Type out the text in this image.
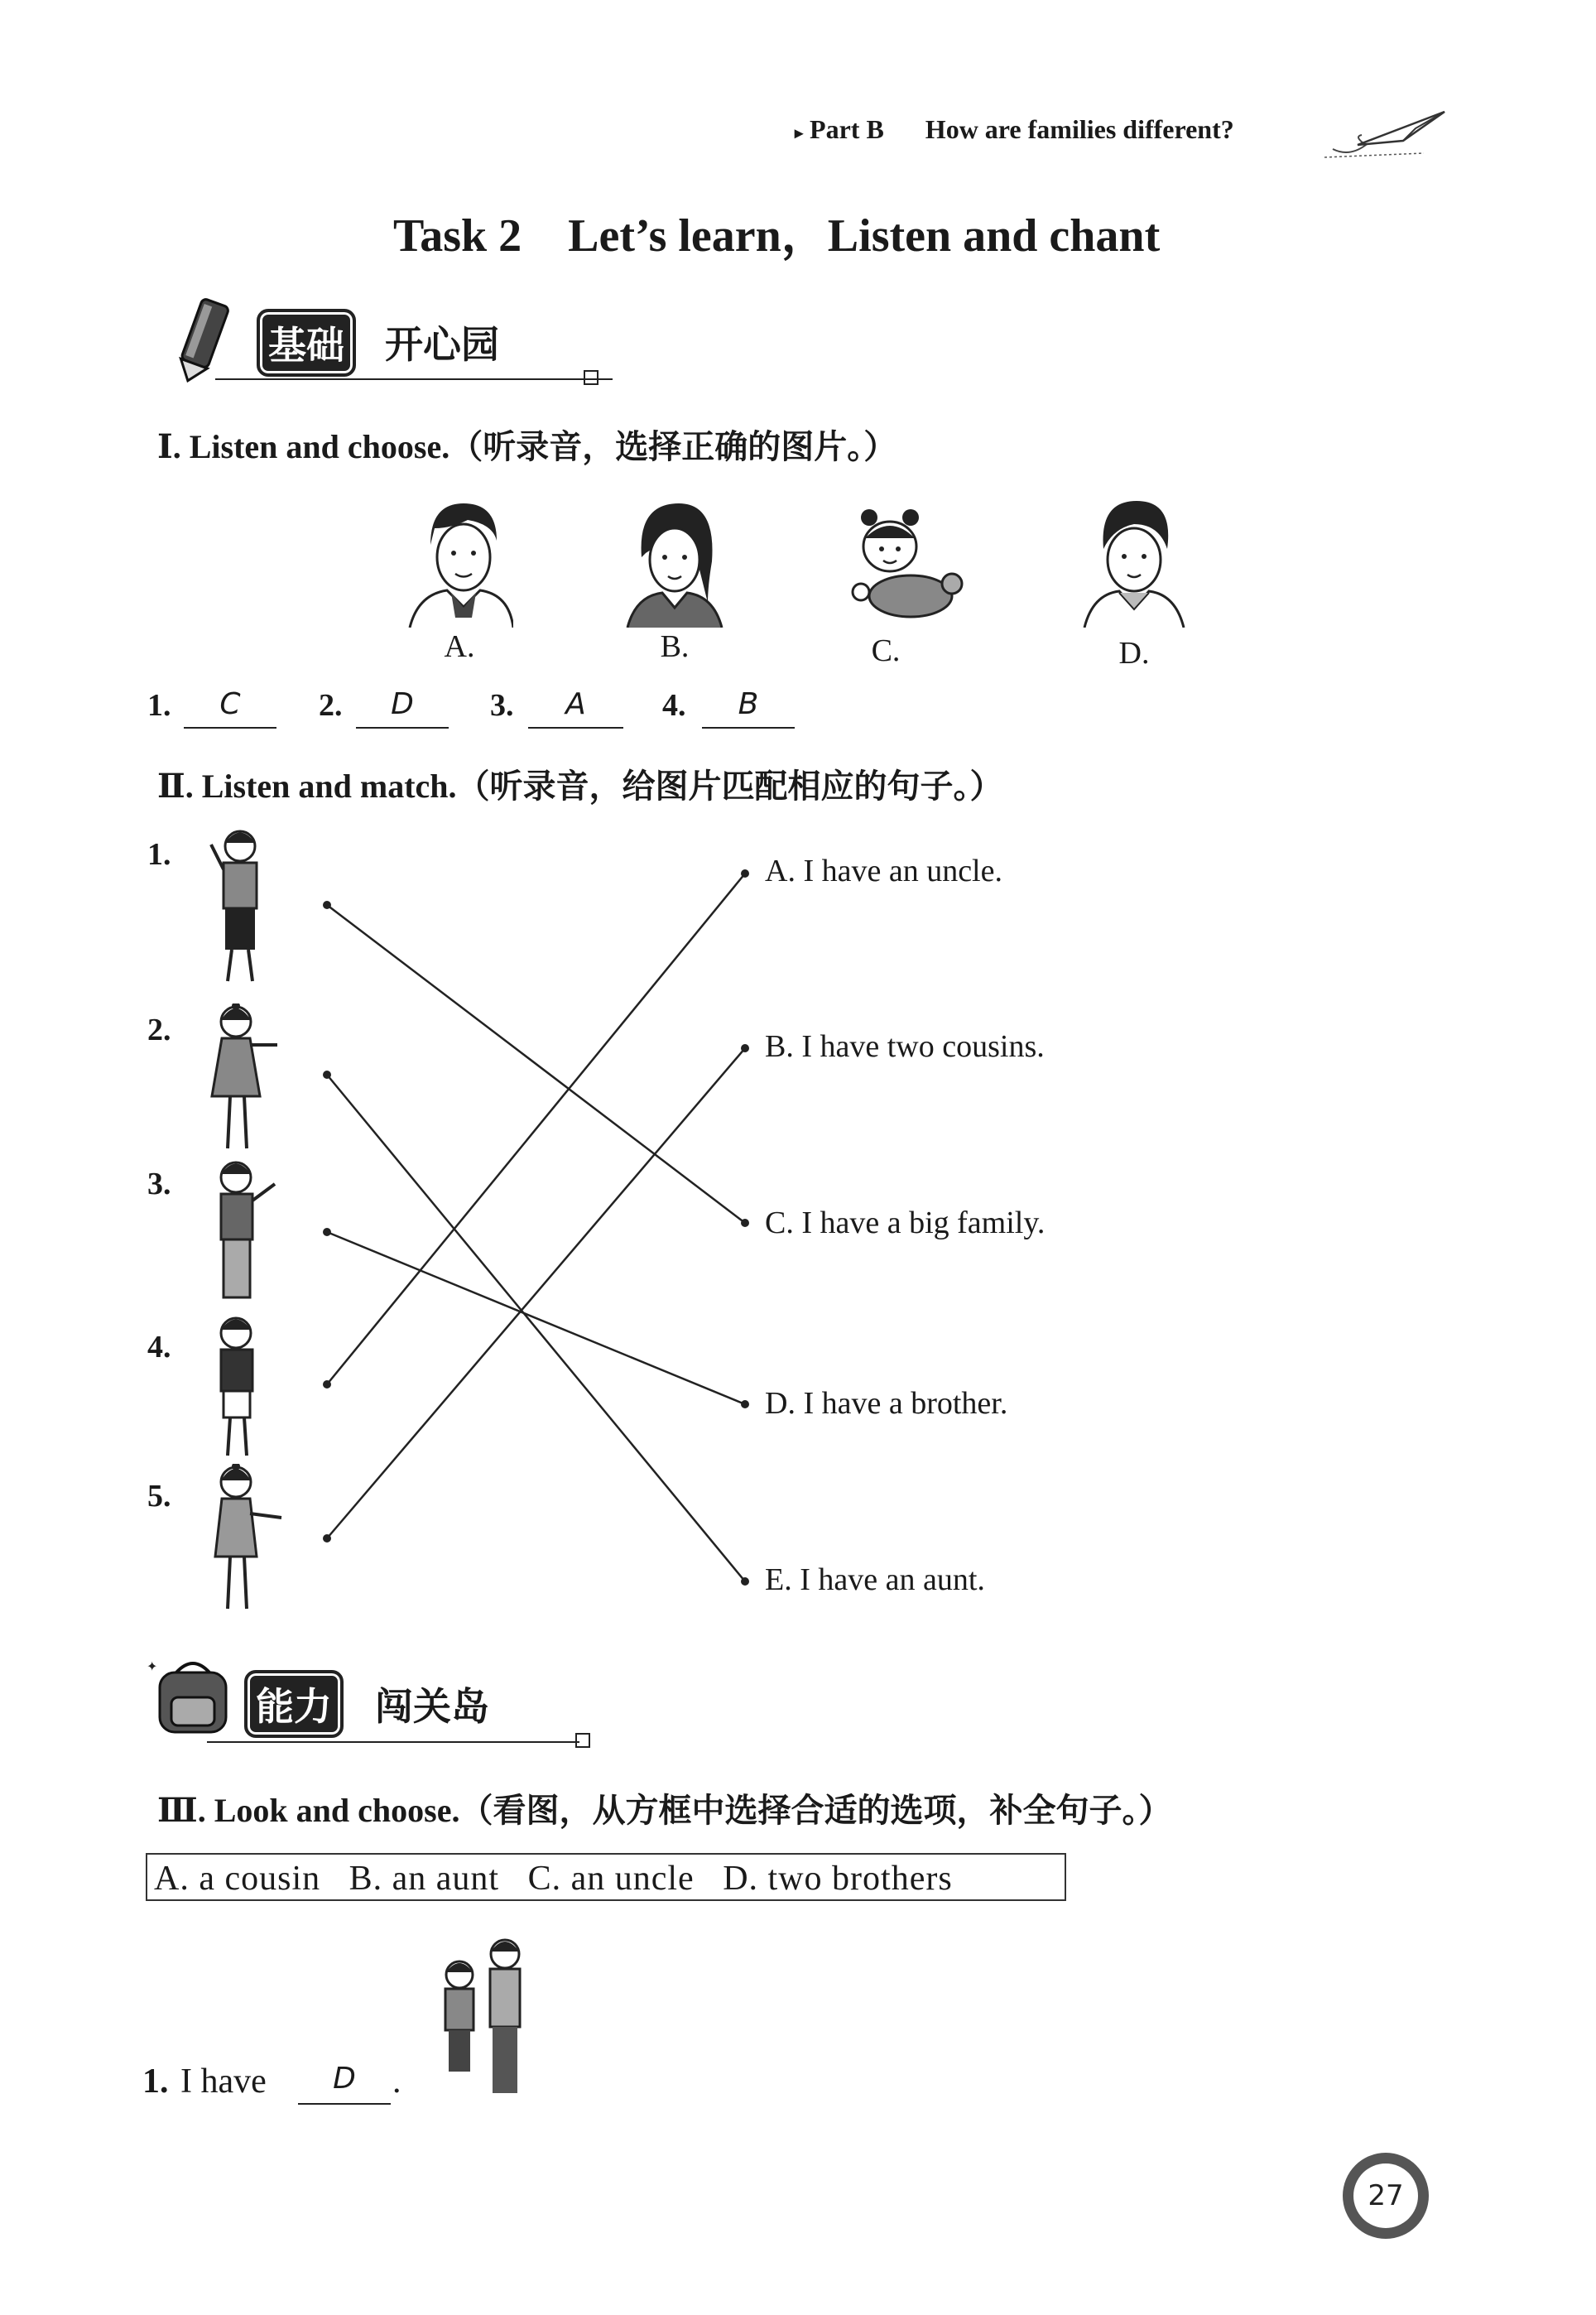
▸ Part B How are families different?
Task 2    Let’s learn，Listen and chant
基础	开心园
Ⅰ. Listen and choose.（听录音，选择正确的图片。）
A.	B.	C.	D.
1.	C	2.	D	3.	A	4.	B
Ⅱ. Listen and match.（听录音，给图片匹配相应的句子。）
1.
2.
3.
4.
5.
A. I have an uncle.
B. I have two cousins.
C. I have a big family.
D. I have a brother.
E. I have an aunt.
✦
能力	闯关岛
Ⅲ. Look and choose.（看图，从方框中选择合适的选项，补全句子。）
A. a cousin   B. an aunt   C. an uncle   D. two brothers
1. I have	D	.
27
